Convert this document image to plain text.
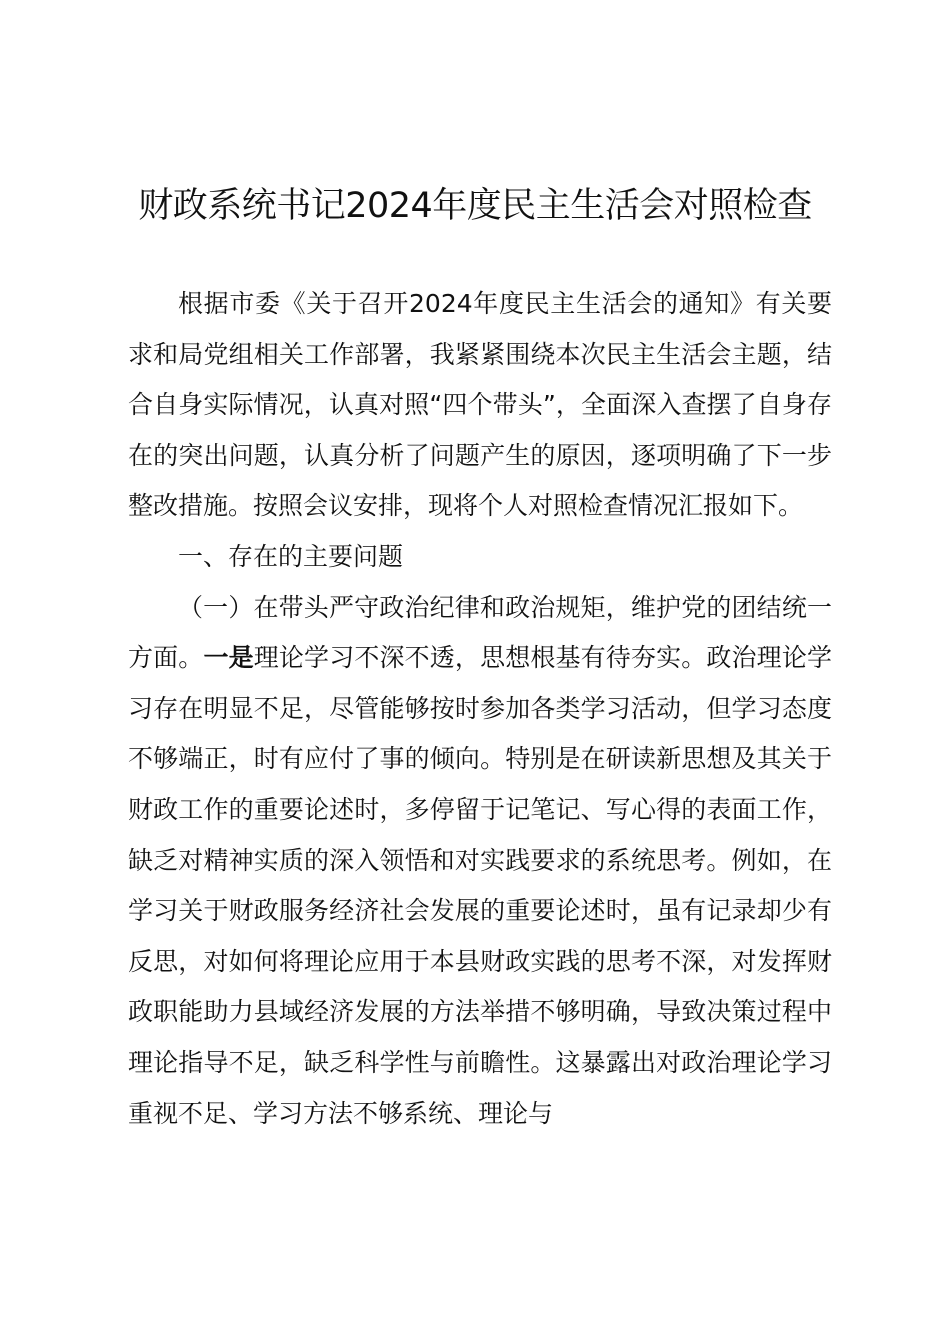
财政系统书记2024年度民主生活会对照检查

根据市委《关于召开2024年度民主生活会的通知》有关要求和局党组相关工作部署，我紧紧围绕本次民主生活会主题，结合自身实际情况，认真对照“四个带头”，全面深入查摆了自身存在的突出问题，认真分析了问题产生的原因，逐项明确了下一步整改措施。按照会议安排，现将个人对照检查情况汇报如下。

一、存在的主要问题

（一）在带头严守政治纪律和政治规矩，维护党的团结统一方面。一是理论学习不深不透，思想根基有待夯实。政治理论学习存在明显不足，尽管能够按时参加各类学习活动，但学习态度不够端正，时有应付了事的倾向。特别是在研读新思想及其关于财政工作的重要论述时，多停留于记笔记、写心得的表面工作，缺乏对精神实质的深入领悟和对实践要求的系统思考。例如，在学习关于财政服务经济社会发展的重要论述时，虽有记录却少有反思，对如何将理论应用于本县财政实践的思考不深，对发挥财政职能助力县域经济发展的方法举措不够明确，导致决策过程中理论指导不足，缺乏科学性与前瞻性。这暴露出对政治理论学习重视不足、学习方法不够系统、理论与
